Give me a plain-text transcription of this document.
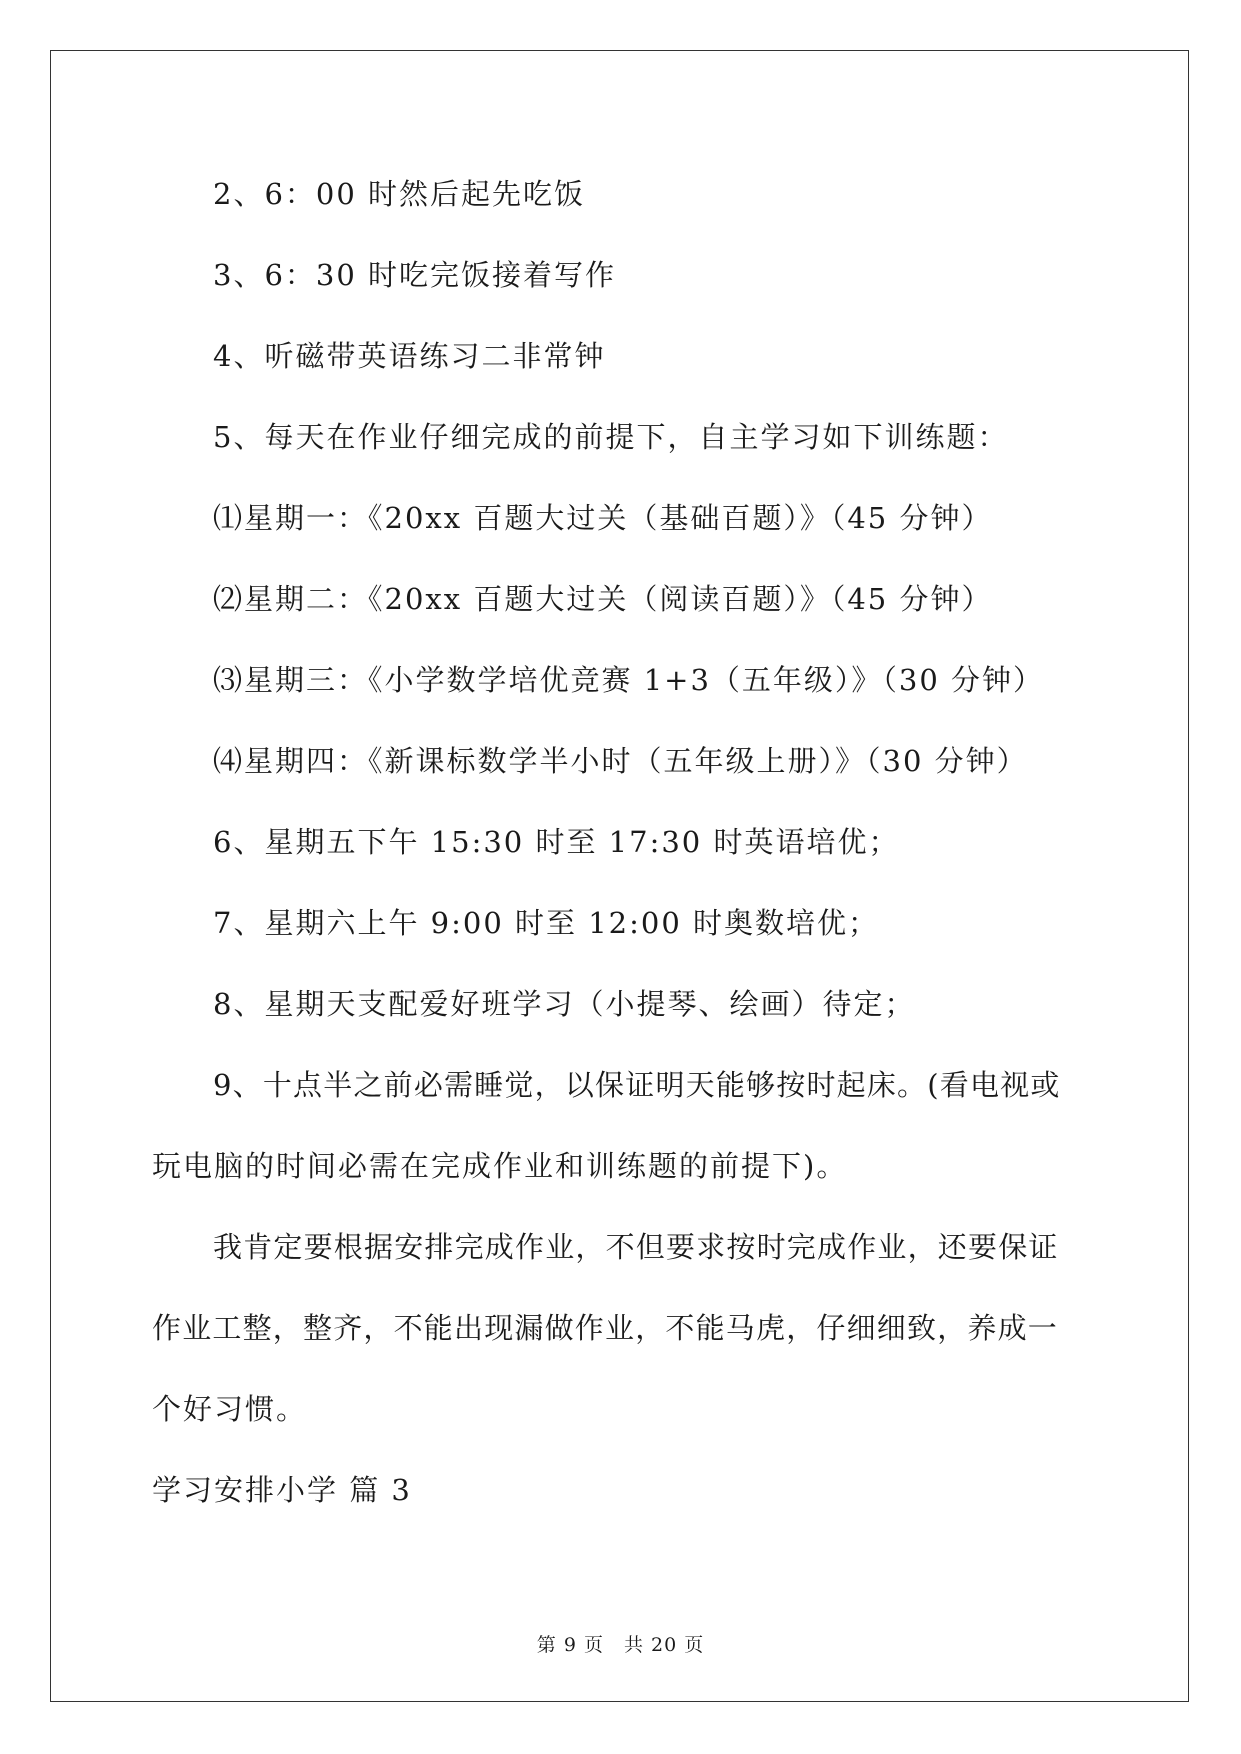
2、6：00 时然后起先吃饭
3、6：30 时吃完饭接着写作
4、听磁带英语练习二非常钟
5、每天在作业仔细完成的前提下，自主学习如下训练题：
⑴星期一：《20xx 百题大过关（基础百题）》（45 分钟）
⑵星期二：《20xx 百题大过关（阅读百题）》（45 分钟）
⑶星期三：《小学数学培优竞赛 1+3（五年级）》（30 分钟）
⑷星期四：《新课标数学半小时（五年级上册）》（30 分钟）
6、星期五下午 15:30 时至 17:30 时英语培优；
7、星期六上午 9:00 时至 12:00 时奥数培优；
8、星期天支配爱好班学习（小提琴、绘画）待定；
9、十点半之前必需睡觉，以保证明天能够按时起床。(看电视或
玩电脑的时间必需在完成作业和训练题的前提下)。
我肯定要根据安排完成作业，不但要求按时完成作业，还要保证
作业工整，整齐，不能出现漏做作业，不能马虎，仔细细致，养成一
个好习惯。
学习安排小学 篇 3
第 9 页　共 20 页
